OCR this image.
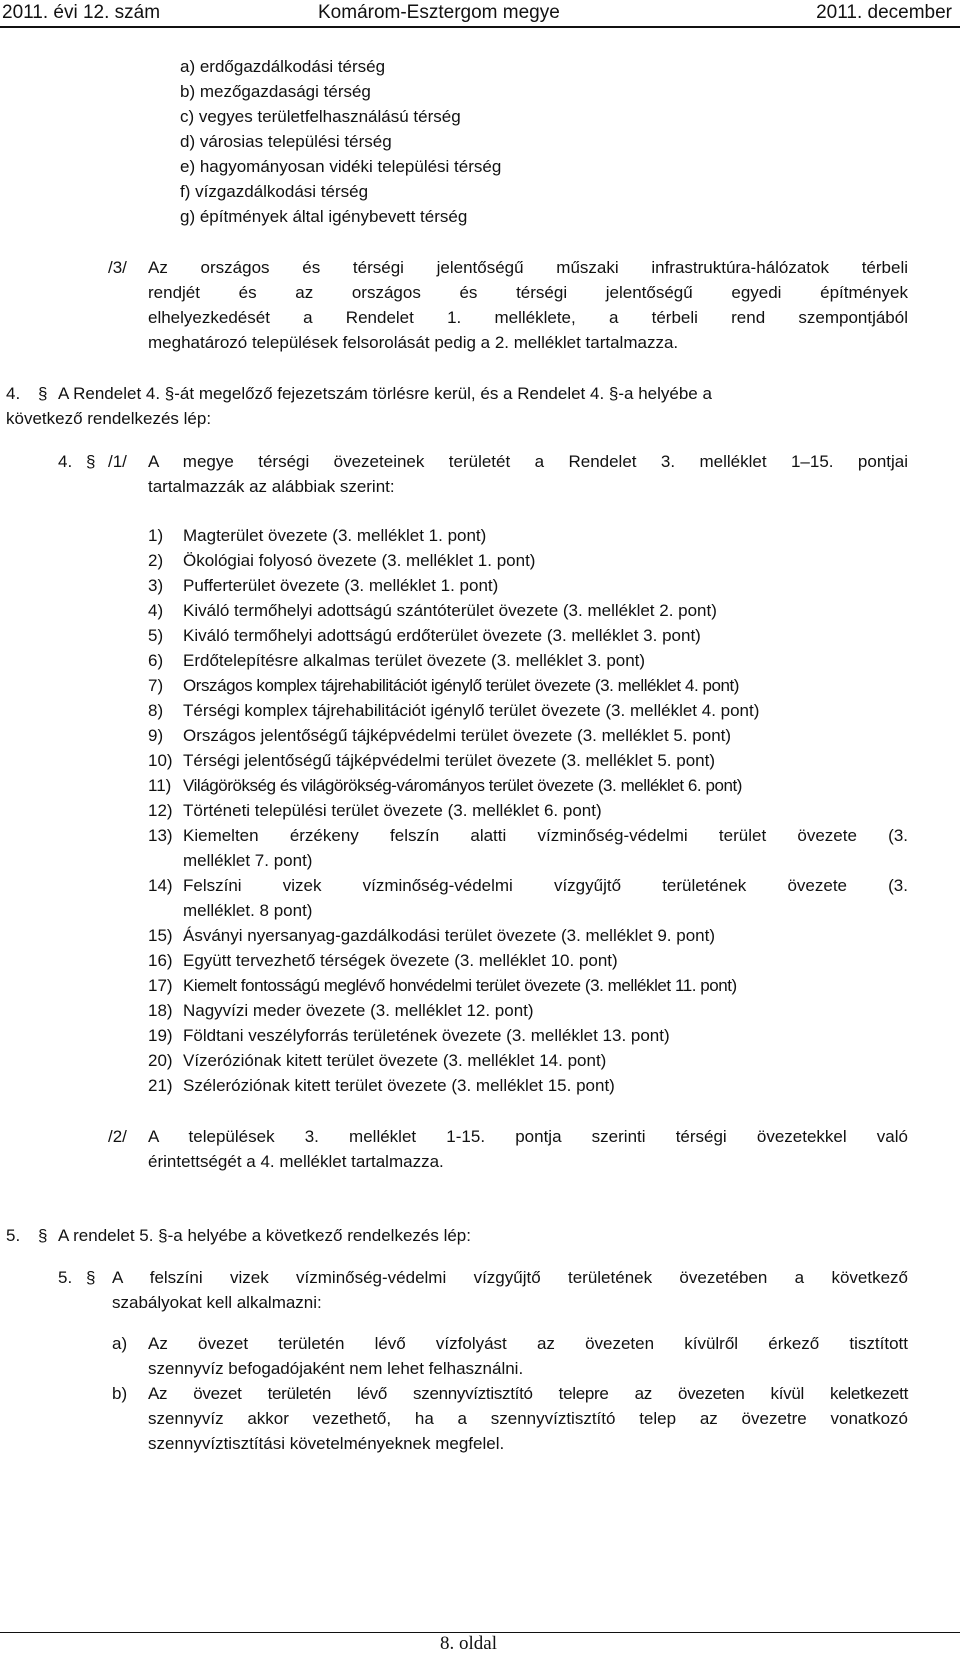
2011. évi 12. szám	Komárom-Esztergom megye	2011. december
a) erdőgazdálkodási térség
b) mezőgazdasági térség
c) vegyes területfelhasználású térség
d) városias települési térség
e) hagyományosan vidéki települési térség
f) vízgazdálkodási térség
g) építmények által igénybevett térség
/3/ Az országos és térségi jelentőségű műszaki infrastruktúra-hálózatok térbeli
rendjét és az országos és térségi jelentőségű egyedi építmények
elhelyezkedését a Rendelet 1. melléklete, a térbeli rend szempontjából
meghatározó települések felsorolását pedig a 2. melléklet tartalmazza.
4. § A Rendelet 4. §-át megelőző fejezetszám törlésre kerül, és a Rendelet 4. §-a helyébe a
következő rendelkezés lép:
4. § /1/ A megye térségi övezeteinek területét a Rendelet 3. melléklet 1–15. pontjai
tartalmazzák az alábbiak szerint:
1) Magterület övezete (3. melléklet 1. pont)
2) Ökológiai folyosó övezete (3. melléklet 1. pont)
3) Pufferterület övezete (3. melléklet 1. pont)
4) Kiváló termőhelyi adottságú szántóterület övezete (3. melléklet 2. pont)
5) Kiváló termőhelyi adottságú erdőterület övezete (3. melléklet 3. pont)
6) Erdőtelepítésre alkalmas terület övezete (3. melléklet 3. pont)
7) Országos komplex tájrehabilitációt igénylő terület övezete (3. melléklet 4. pont)
8) Térségi komplex tájrehabilitációt igénylő terület övezete (3. melléklet 4. pont)
9) Országos jelentőségű tájképvédelmi terület övezete (3. melléklet 5. pont)
10) Térségi jelentőségű tájképvédelmi terület övezete (3. melléklet 5. pont)
11) Világörökség és világörökség-várományos terület övezete (3. melléklet 6. pont)
12) Történeti települési terület övezete (3. melléklet 6. pont)
13) Kiemelten érzékeny felszín alatti vízminőség-védelmi terület övezete (3.
melléklet 7. pont)
14) Felszíni vizek vízminőség-védelmi vízgyűjtő területének övezete (3.
melléklet. 8 pont)
15) Ásványi nyersanyag-gazdálkodási terület övezete (3. melléklet 9. pont)
16) Együtt tervezhető térségek övezete (3. melléklet 10. pont)
17) Kiemelt fontosságú meglévő honvédelmi terület övezete (3. melléklet 11. pont)
18) Nagyvízi meder övezete (3. melléklet 12. pont)
19) Földtani veszélyforrás területének övezete (3. melléklet 13. pont)
20) Vízeróziónak kitett terület övezete (3. melléklet 14. pont)
21) Széleróziónak kitett terület övezete (3. melléklet 15. pont)
/2/ A települések 3. melléklet 1-15. pontja szerinti térségi övezetekkel való
érintettségét a 4. melléklet tartalmazza.
5. § A rendelet 5. §-a helyébe a következő rendelkezés lép:
5. § A felszíni vizek vízminőség-védelmi vízgyűjtő területének övezetében a következő
szabályokat kell alkalmazni:
a) Az övezet területén lévő vízfolyást az övezeten kívülről érkező tisztított
szennyvíz befogadójaként nem lehet felhasználni.
b) Az övezet területén lévő szennyvíztisztító telepre az övezeten kívül keletkezett
szennyvíz akkor vezethető, ha a szennyvíztisztító telep az övezetre vonatkozó
szennyvíztisztítási követelményeknek megfelel.
8. oldal
